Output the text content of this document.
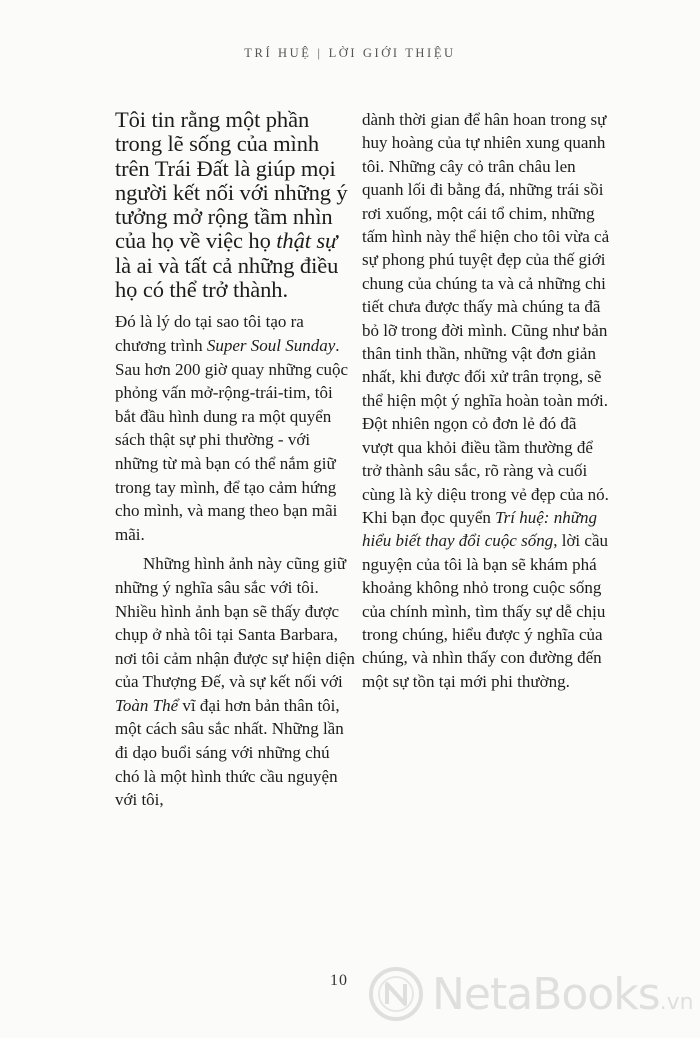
TRÍ HUỆ | LỜI GIỚI THIỆU

Tôi tin rằng một phần trong lẽ sống của mình trên Trái Đất là giúp mọi người kết nối với những ý tưởng mở rộng tầm nhìn của họ về việc họ thật sự là ai và tất cả những điều họ có thể trở thành.

Đó là lý do tại sao tôi tạo ra chương trình Super Soul Sunday. Sau hơn 200 giờ quay những cuộc phỏng vấn mở-rộng-trái-tim, tôi bắt đầu hình dung ra một quyển sách thật sự phi thường - với những từ mà bạn có thể nắm giữ trong tay mình, để tạo cảm hứng cho mình, và mang theo bạn mãi mãi.

Những hình ảnh này cũng giữ những ý nghĩa sâu sắc với tôi. Nhiều hình ảnh bạn sẽ thấy được chụp ở nhà tôi tại Santa Barbara, nơi tôi cảm nhận được sự hiện diện của Thượng Đế, và sự kết nối với Toàn Thể vĩ đại hơn bản thân tôi, một cách sâu sắc nhất. Những lần đi dạo buổi sáng với những chú chó là một hình thức cầu nguyện với tôi,

dành thời gian để hân hoan trong sự huy hoàng của tự nhiên xung quanh tôi. Những cây cỏ trân châu len quanh lối đi bằng đá, những trái sồi rơi xuống, một cái tổ chim, những tấm hình này thể hiện cho tôi vừa cả sự phong phú tuyệt đẹp của thế giới chung của chúng ta và cả những chi tiết chưa được thấy mà chúng ta đã bỏ lỡ trong đời mình. Cũng như bản thân tinh thần, những vật đơn giản nhất, khi được đối xử trân trọng, sẽ thể hiện một ý nghĩa hoàn toàn mới. Đột nhiên ngọn cỏ đơn lẻ đó đã vượt qua khỏi điều tầm thường để trở thành sâu sắc, rõ ràng và cuối cùng là kỳ diệu trong vẻ đẹp của nó. Khi bạn đọc quyển Trí huệ: những hiểu biết thay đổi cuộc sống, lời cầu nguyện của tôi là bạn sẽ khám phá khoảng không nhỏ trong cuộc sống của chính mình, tìm thấy sự dễ chịu trong chúng, hiểu được ý nghĩa của chúng, và nhìn thấy con đường đến một sự tồn tại mới phi thường.

10 NetaBooks.vn
